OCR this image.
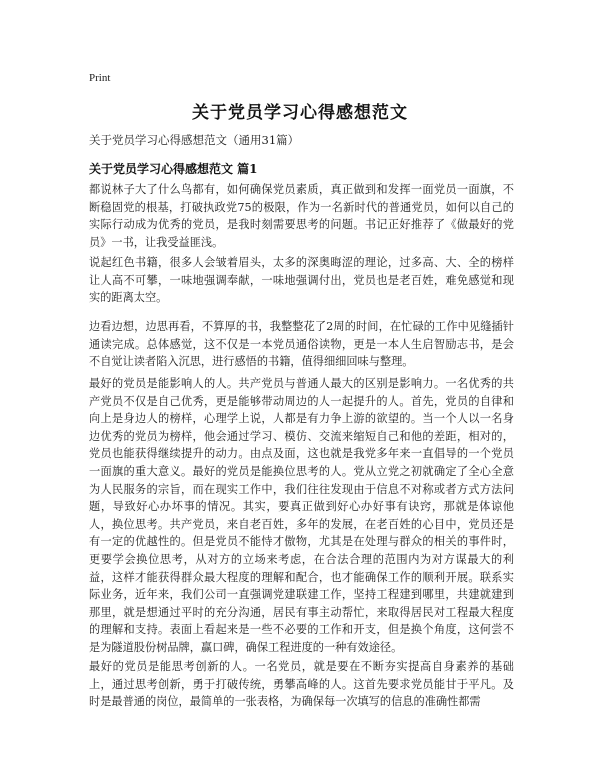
Print
关于党员学习心得感想范文
关于党员学习心得感想范文（通用31篇）
关于党员学习心得感想范文 篇1

都说林子大了什么鸟都有，如何确保党员素质，真正做到和发挥一面党员一面旗，不断稳固党的根基，打破执政党75的极限，作为一名新时代的普通党员，如何以自己的实际行动成为优秀的党员，是我时刻需要思考的问题。书记正好推荐了《做最好的党员》一书，让我受益匪浅。

说起红色书籍，很多人会皱着眉头，太多的深奥晦涩的理论，过多高、大、全的榜样让人高不可攀，一味地强调奉献，一味地强调付出，党员也是老百姓，难免感觉和现实的距离太空。

边看边想，边思再看，不算厚的书，我整整花了2周的时间，在忙碌的工作中见缝插针通读完成。总体感觉，这不仅是一本党员通俗读物，更是一本人生启智励志书，是会不自觉让读者陷入沉思，进行感悟的书籍，值得细细回味与整理。

最好的党员是能影响人的人。共产党员与普通人最大的区别是影响力。一名优秀的共产党员不仅是自己优秀，更是能够带动周边的人一起提升的人。首先，党员的自律和向上是身边人的榜样，心理学上说，人都是有力争上游的欲望的。当一个人以一名身边优秀的党员为榜样，他会通过学习、模仿、交流来缩短自己和他的差距，相对的，党员也能获得继续提升的动力。由点及面，这也就是我党多年来一直倡导的一个党员一面旗的重大意义。最好的党员是能换位思考的人。党从立党之初就确定了全心全意为人民服务的宗旨，而在现实工作中，我们往往发现由于信息不对称或者方式方法问题，导致好心办坏事的情况。其实，要真正做到好心办好事有诀窍，那就是体谅他人，换位思考。共产党员，来自老百姓，多年的发展，在老百姓的心目中，党员还是有一定的优越性的。但是党员不能恃才傲物，尤其是在处理与群众的相关的事件时，更要学会换位思考，从对方的立场来考虑，在合法合理的范围内为对方谋最大的利益，这样才能获得群众最大程度的理解和配合，也才能确保工作的顺利开展。联系实际业务，近年来，我们公司一直强调党建联建工作，坚持工程建到哪里，共建就建到那里，就是想通过平时的充分沟通，居民有事主动帮忙，来取得居民对工程最大程度的理解和支持。表面上看起来是一些不必要的工作和开支，但是换个角度，这何尝不是为隧道股份树品牌，赢口碑，确保工程进度的一种有效途径。

最好的党员是能思考创新的人。一名党员，就是要在不断夯实提高自身素养的基础上，通过思考创新，勇于打破传统，勇攀高峰的人。这首先要求党员能甘于平凡。及时是最普通的岗位，最简单的一张表格，为确保每一次填写的信息的准确性都需
